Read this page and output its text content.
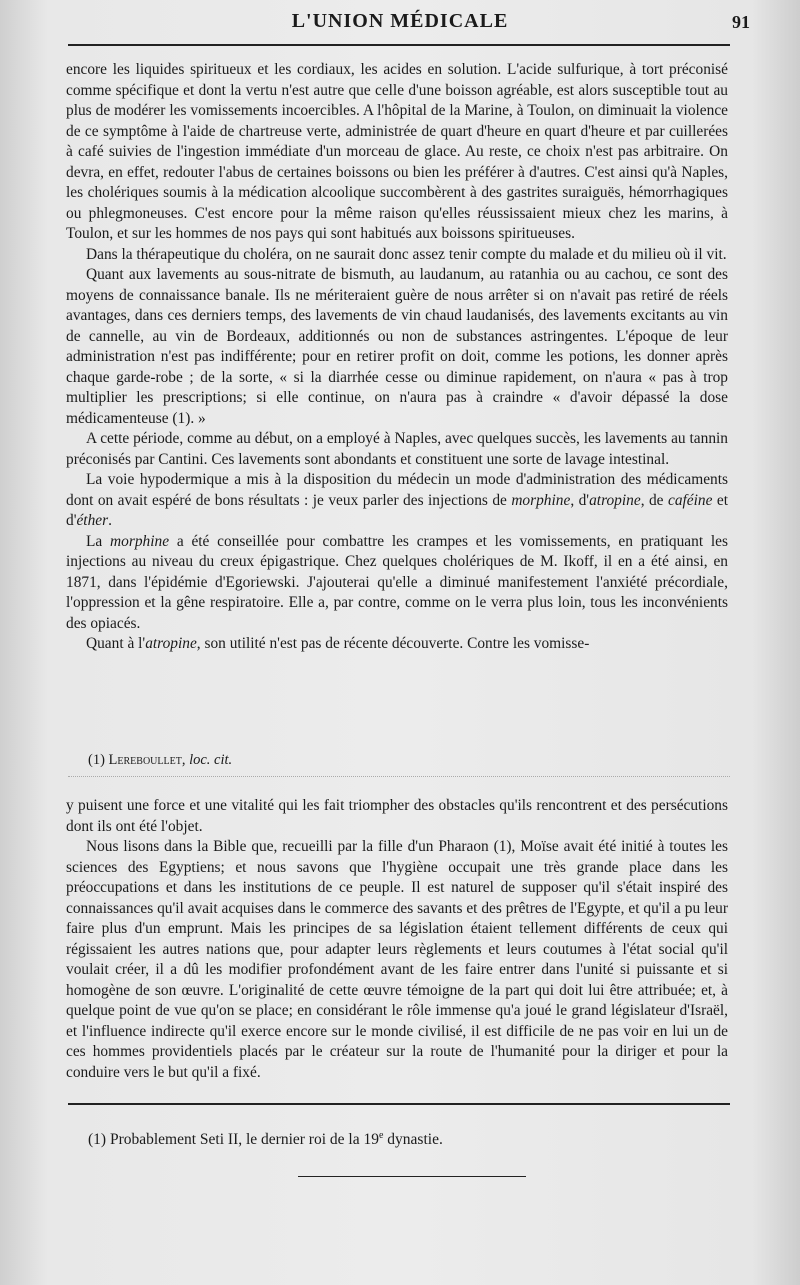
L'UNION MÉDICALE	91

encore les liquides spiritueux et les cordiaux, les acides en solution. L'acide sulfurique, à tort préconisé comme spécifique et dont la vertu n'est autre que celle d'une boisson agréable, est alors susceptible tout au plus de modérer les vomissements incoercibles. A l'hôpital de la Marine, à Toulon, on diminuait la violence de ce symptôme à l'aide de chartreuse verte, administrée de quart d'heure en quart d'heure et par cuillerées à café suivies de l'ingestion immédiate d'un morceau de glace. Au reste, ce choix n'est pas arbitraire. On devra, en effet, redouter l'abus de certaines boissons ou bien les préférer à d'autres. C'est ainsi qu'à Naples, les cholériques soumis à la médication alcoolique succombèrent à des gastrites suraiguës, hémorrhagiques ou phlegmoneuses. C'est encore pour la même raison qu'elles réussissaient mieux chez les marins, à Toulon, et sur les hommes de nos pays qui sont habitués aux boissons spiritueuses.

Dans la thérapeutique du choléra, on ne saurait donc assez tenir compte du malade et du milieu où il vit.

Quant aux lavements au sous-nitrate de bismuth, au laudanum, au ratanhia ou au cachou, ce sont des moyens de connaissance banale. Ils ne mériteraient guère de nous arrêter si on n'avait pas retiré de réels avantages, dans ces derniers temps, des lavements de vin chaud laudanisés, des lavements excitants au vin de cannelle, au vin de Bordeaux, additionnés ou non de substances astringentes. L'époque de leur administration n'est pas indifférente; pour en retirer profit on doit, comme les potions, les donner après chaque garde-robe ; de la sorte, « si la diarrhée cesse ou diminue rapidement, on n'aura « pas à trop multiplier les prescriptions; si elle continue, on n'aura pas à craindre « d'avoir dépassé la dose médicamenteuse (1). »

A cette période, comme au début, on a employé à Naples, avec quelques succès, les lavements au tannin préconisés par Cantini. Ces lavements sont abondants et constituent une sorte de lavage intestinal.

La voie hypodermique a mis à la disposition du médecin un mode d'administration des médicaments dont on avait espéré de bons résultats : je veux parler des injections de morphine, d'atropine, de caféine et d'éther.

La morphine a été conseillée pour combattre les crampes et les vomissements, en pratiquant les injections au niveau du creux épigastrique. Chez quelques cholériques de M. Ikoff, il en a été ainsi, en 1871, dans l'épidémie d'Egoriewski. J'ajouterai qu'elle a diminué manifestement l'anxiété précordiale, l'oppression et la gêne respiratoire. Elle a, par contre, comme on le verra plus loin, tous les inconvénients des opiacés.

Quant à l'atropine, son utilité n'est pas de récente découverte. Contre les vomisse-

(1) Lereboullet, loc. cit.

y puisent une force et une vitalité qui les fait triompher des obstacles qu'ils rencontrent et des persécutions dont ils ont été l'objet.

Nous lisons dans la Bible que, recueilli par la fille d'un Pharaon (1), Moïse avait été initié à toutes les sciences des Egyptiens; et nous savons que l'hygiène occupait une très grande place dans les préoccupations et dans les institutions de ce peuple. Il est naturel de supposer qu'il s'était inspiré des connaissances qu'il avait acquises dans le commerce des savants et des prêtres de l'Egypte, et qu'il a pu leur faire plus d'un emprunt. Mais les principes de sa législation étaient tellement différents de ceux qui régissaient les autres nations que, pour adapter leurs règlements et leurs coutumes à l'état social qu'il voulait créer, il a dû les modifier profondément avant de les faire entrer dans l'unité si puissante et si homogène de son œuvre. L'originalité de cette œuvre témoigne de la part qui doit lui être attribuée; et, à quelque point de vue qu'on se place; en considérant le rôle immense qu'a joué le grand législateur d'Israël, et l'influence indirecte qu'il exerce encore sur le monde civilisé, il est difficile de ne pas voir en lui un de ces hommes providentiels placés par le créateur sur la route de l'humanité pour la diriger et pour la conduire vers le but qu'il a fixé.

(1) Probablement Seti II, le dernier roi de la 19e dynastie.
